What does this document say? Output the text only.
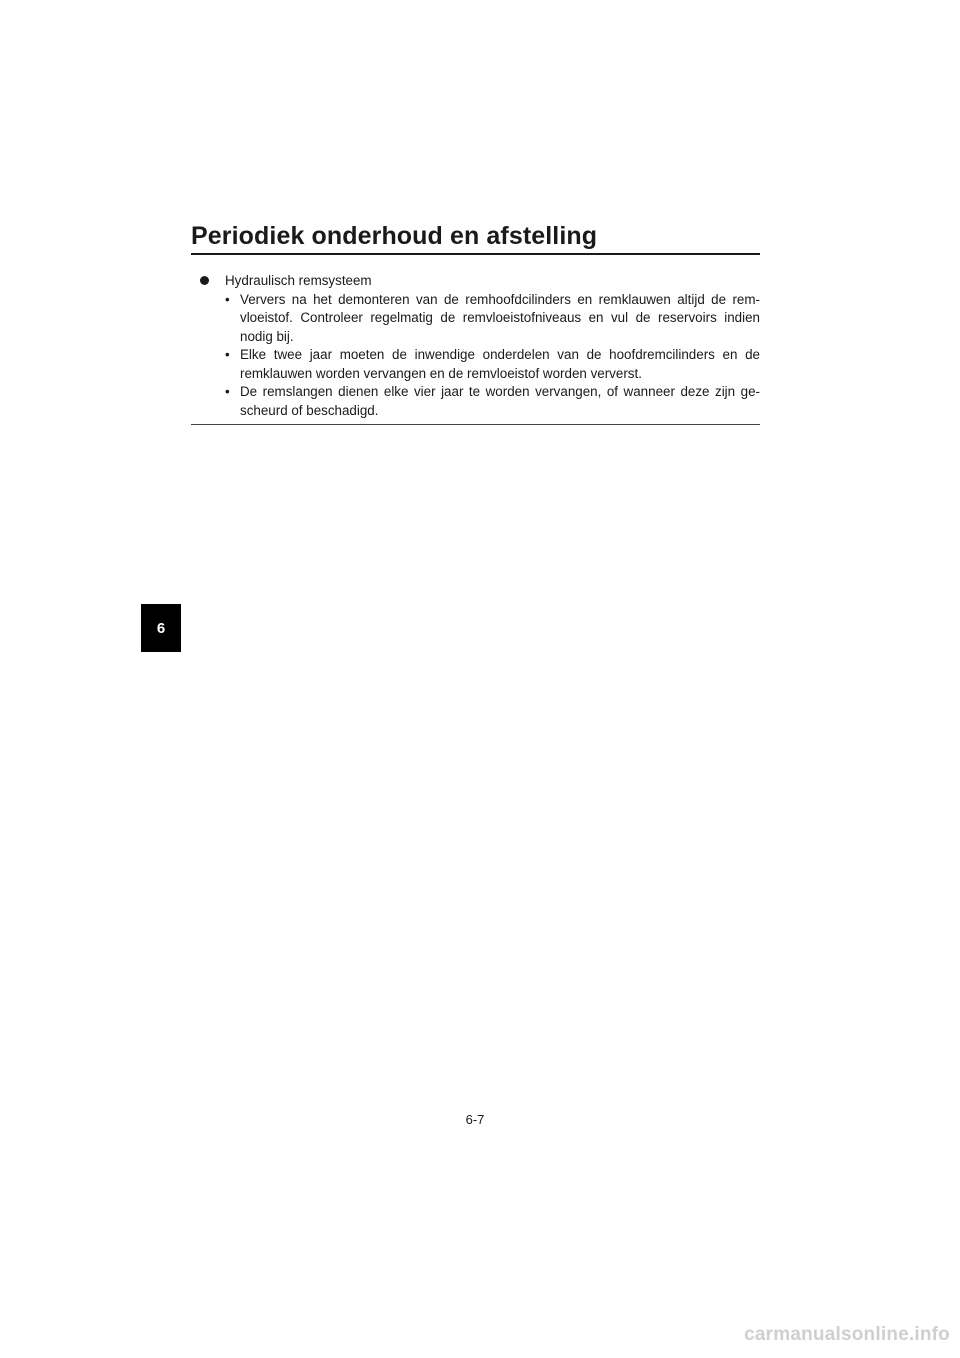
Periodiek onderhoud en afstelling
Hydraulisch remsysteem
• Ververs na het demonteren van de remhoofdcilinders en remklauwen altijd de rem-vloeistof. Controleer regelmatig de remvloeistofniveaus en vul de reservoirs indien nodig bij.
• Elke twee jaar moeten de inwendige onderdelen van de hoofdremcilinders en de remklauwen worden vervangen en de remvloeistof worden ververst.
• De remslangen dienen elke vier jaar te worden vervangen, of wanneer deze zijn ge-scheurd of beschadigd.
6
6-7
carmanualsonline.info
